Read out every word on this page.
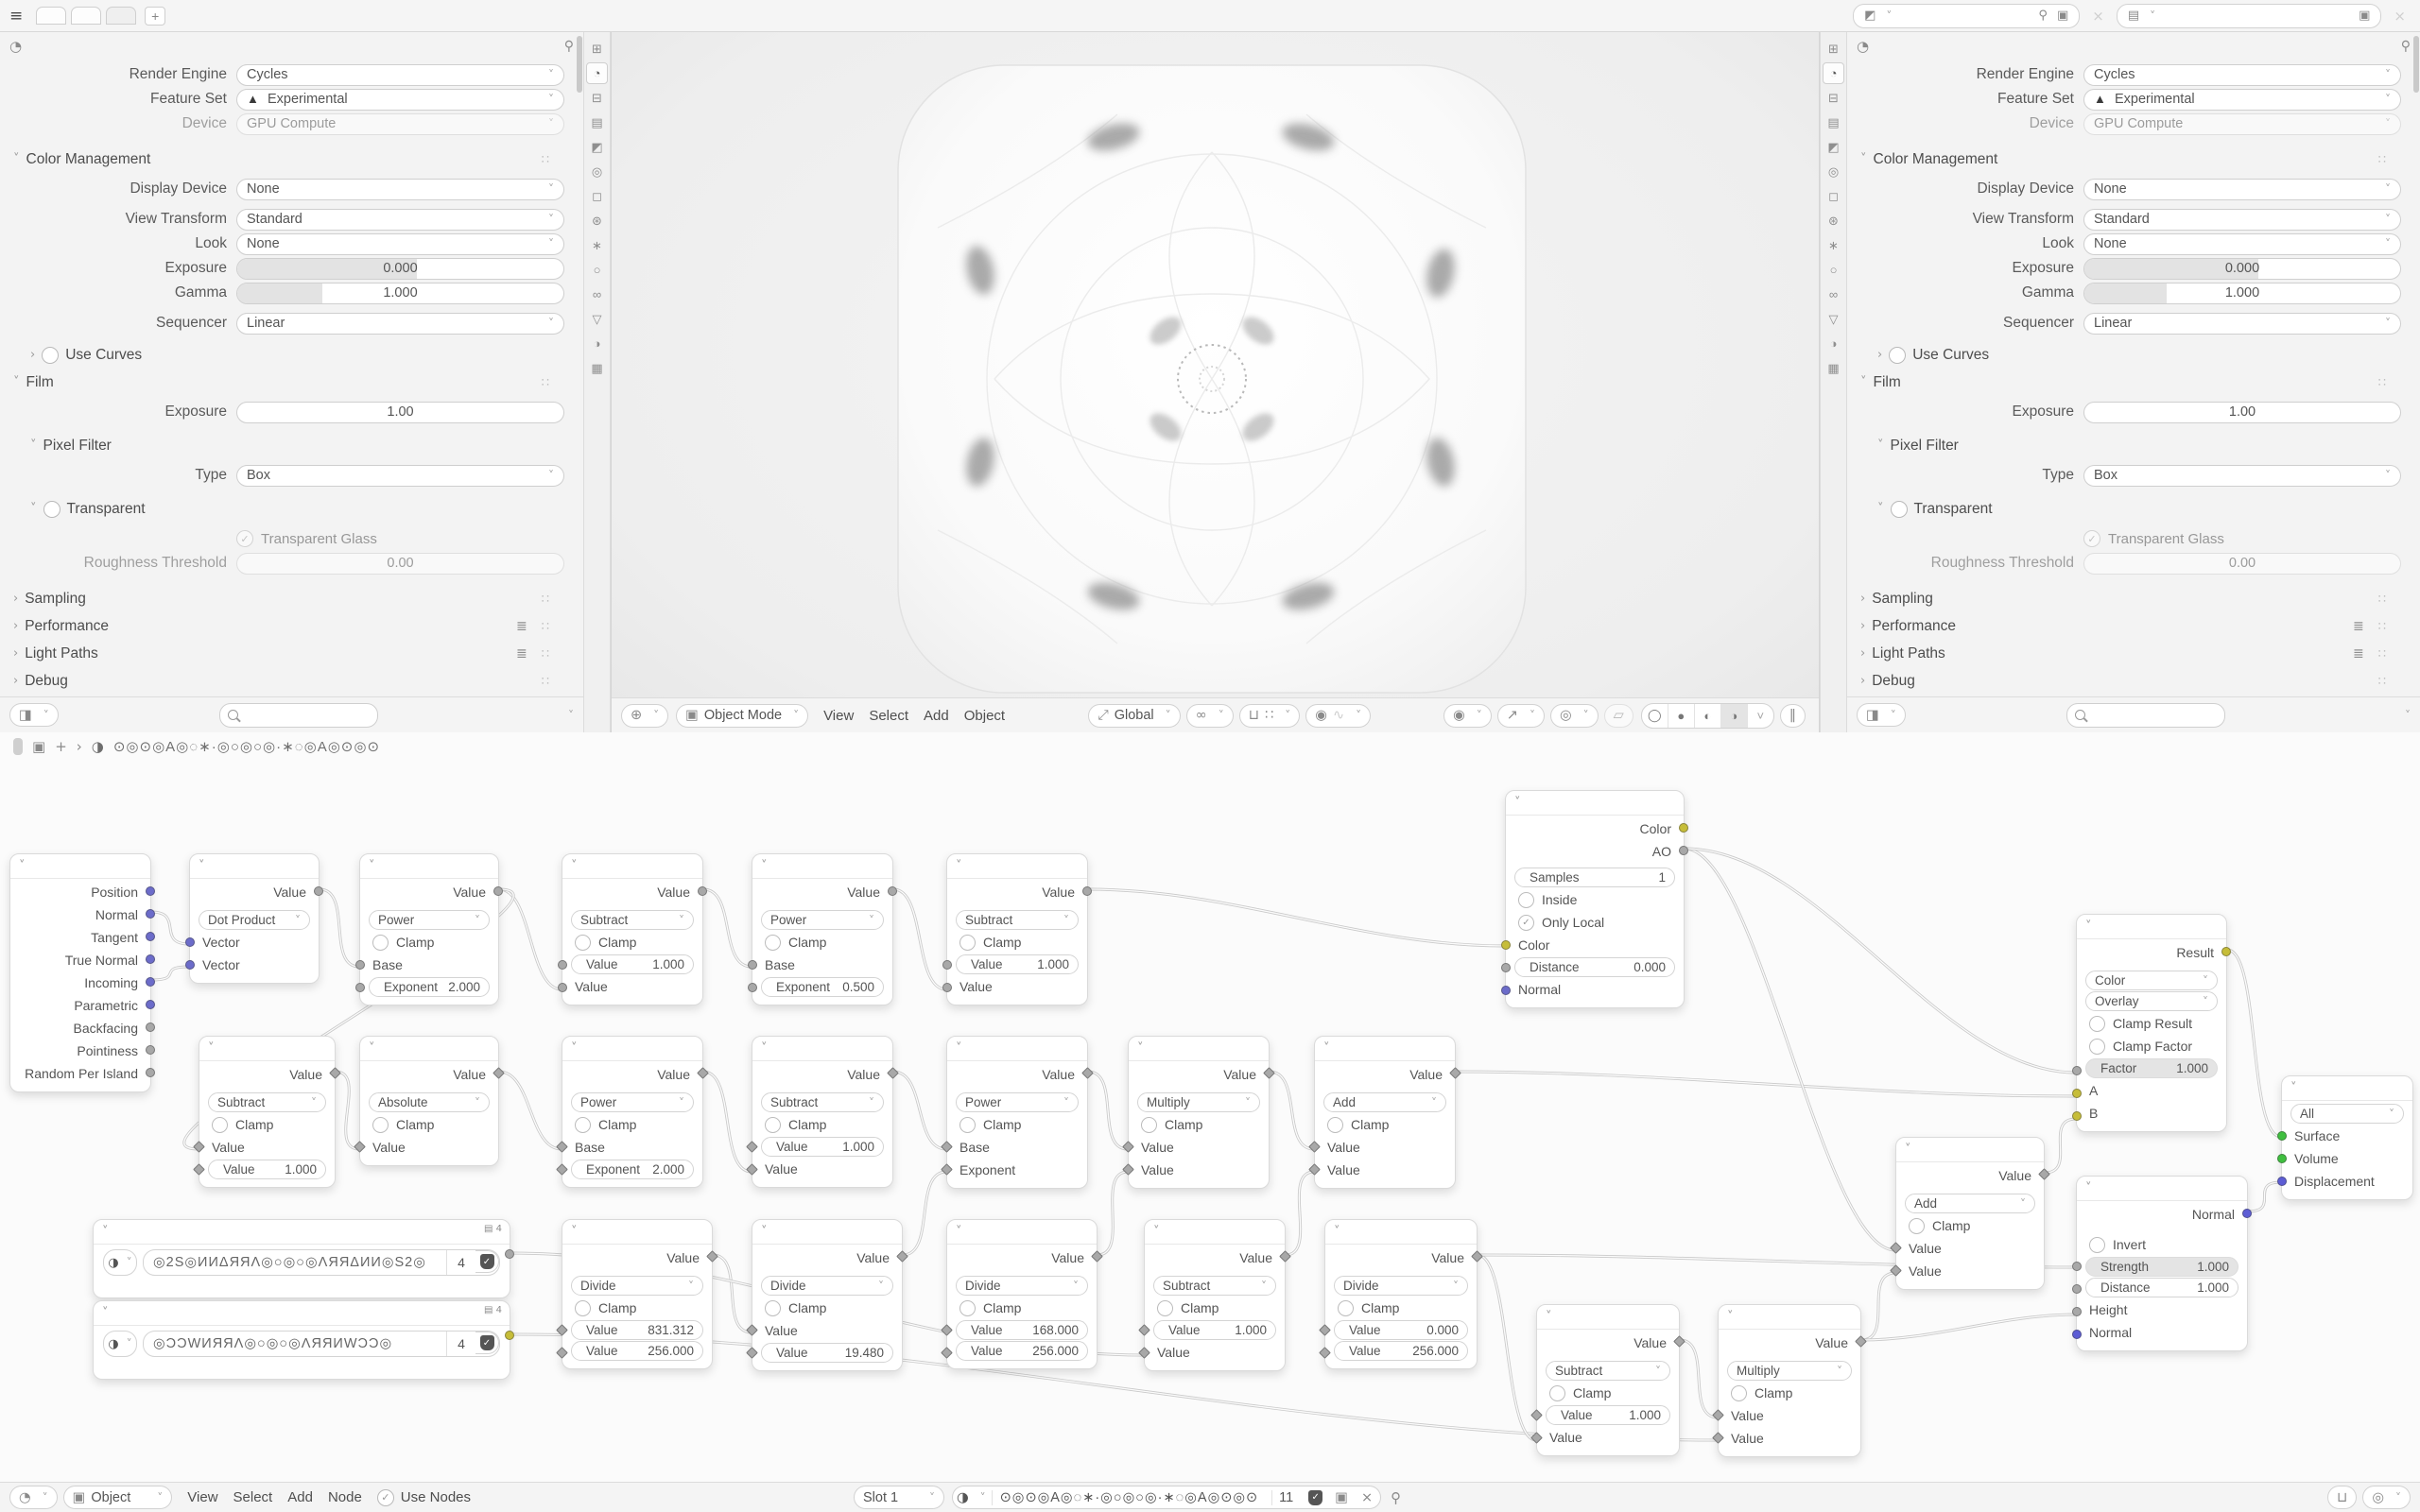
≡	+	◩ ˅	⚲ ▣	×	▤ ˅	▣	×
◔	⚲
Render Engine	Cycles	˅
Feature Set	▲ Experimental	˅
Device	GPU Compute	˅
˅ Color Management	∷
Display Device	None	˅
View Transform	Standard	˅
Look	None	˅
Exposure	0.000
Gamma	1.000
Sequencer	Linear	˅
› Use Curves
˅ Film	∷
Exposure	1.00
˅ Pixel Filter
Type	Box	˅
˅ Transparent
✓ Transparent Glass
Roughness Threshold	0.00
› Sampling	∷
› Performance	≣ ∷
› Light Paths	≣ ∷
› Debug	∷
◨ ˅	˅
⊞
◔
⊟
▤
◩
◎
◻
⊛
∗
○
∞
▽
◑
▦
⊕ ˅ ▣ Object Mode ˅ View Select Add Object	⤢ Global ˅ ∞ ˅ ⊔ ∷ ˅ ◉ ∿ ˅	◉ ˅ ↗ ˅ ◎ ˅ ▱	◯	●	◐	◑	˅	‖
◔	⚲
Render Engine	Cycles	˅
Feature Set	▲ Experimental	˅
Device	GPU Compute	˅
˅ Color Management	∷
Display Device	None	˅
View Transform	Standard	˅
Look	None	˅
Exposure	0.000
Gamma	1.000
Sequencer	Linear	˅
› Use Curves
˅ Film	∷
Exposure	1.00
˅ Pixel Filter
Type	Box	˅
˅ Transparent
✓ Transparent Glass
Roughness Threshold	0.00
› Sampling	∷
› Performance	≣ ∷
› Light Paths	≣ ∷
› Debug	∷
◨ ˅	˅
⊞
◔
⊟
▤
◩
◎
◻
⊛
∗
○
∞
▽
◑
▦
˅
Position
Normal
Tangent
True Normal
Incoming
Parametric
Backfacing
Pointiness
Random Per Island
˅
Value
Dot Product ˅
Vector
Vector
˅
Value
Power	˅
Clamp
Base
Exponent 2.000
˅
Value
Subtract	˅
Clamp
Value	1.000
Value
˅
Value
Power	˅
Clamp
Base
Exponent 0.500
˅
Value
Subtract	˅
Clamp
Value	1.000
Value
˅
Value
Subtract	˅
Clamp
Value
Value	1.000
˅
Value
Absolute	˅
Clamp
Value
˅
Value
Power	˅
Clamp
Base
Exponent 2.000
˅
Value
Subtract	˅
Clamp
Value	1.000
Value
˅
Value
Power	˅
Clamp
Base
Exponent
˅
Value
Multiply	˅
Clamp
Value
Value
˅
Value
Add	˅
Clamp
Value
Value
˅	▤ 4
◑ ˅	◎2S◎ИИΔЯЯΛ◎○◎○◎ΛЯЯΔИИ◎S2◎	4	✓
˅	▤ 4
◑ ˅	◎ƆƆWИЯЯΛ◎○◎○◎ΛЯЯИWƆƆ◎	4	✓
˅
Value
Divide	˅
Clamp
Value	831.312
Value	256.000
˅
Value
Divide	˅
Clamp
Value
Value	19.480
˅
Value
Divide	˅
Clamp
Value	168.000
Value	256.000
˅
Value
Subtract	˅
Clamp
Value	1.000
Value
˅
Value
Divide	˅
Clamp
Value	0.000
Value	256.000
˅
Value
Subtract	˅
Clamp
Value	1.000
Value
˅
Value
Multiply	˅
Clamp
Value
Value
˅
Color
AO
Samples	1
Inside
✓ Only Local
Color
Distance	0.000
Normal
˅
Value
Add	˅
Clamp
Value
Value
˅
Result
Color	˅
Overlay	˅
Clamp Result
Clamp Factor
Factor	1.000
A
B
˅
Normal
Invert
Strength	1.000
Distance	1.000
Height
Normal
˅
All	˅
Surface
Volume
Displacement
▣ + › ◑ ⊙◎⊙◎A◎◌∗·◎○◎○◎·∗◌◎A◎⊙◎⊙
◔ ˅ ▣ Object ˅ View Select Add Node	✓ Use Nodes	Slot 1	˅ ◑ ˅	⊙◎⊙◎A◎◌∗·◎○◎○◎·∗◌◎A◎⊙◎⊙	11	✓ ▣ × ⚲	⊔ ◎ ˅
